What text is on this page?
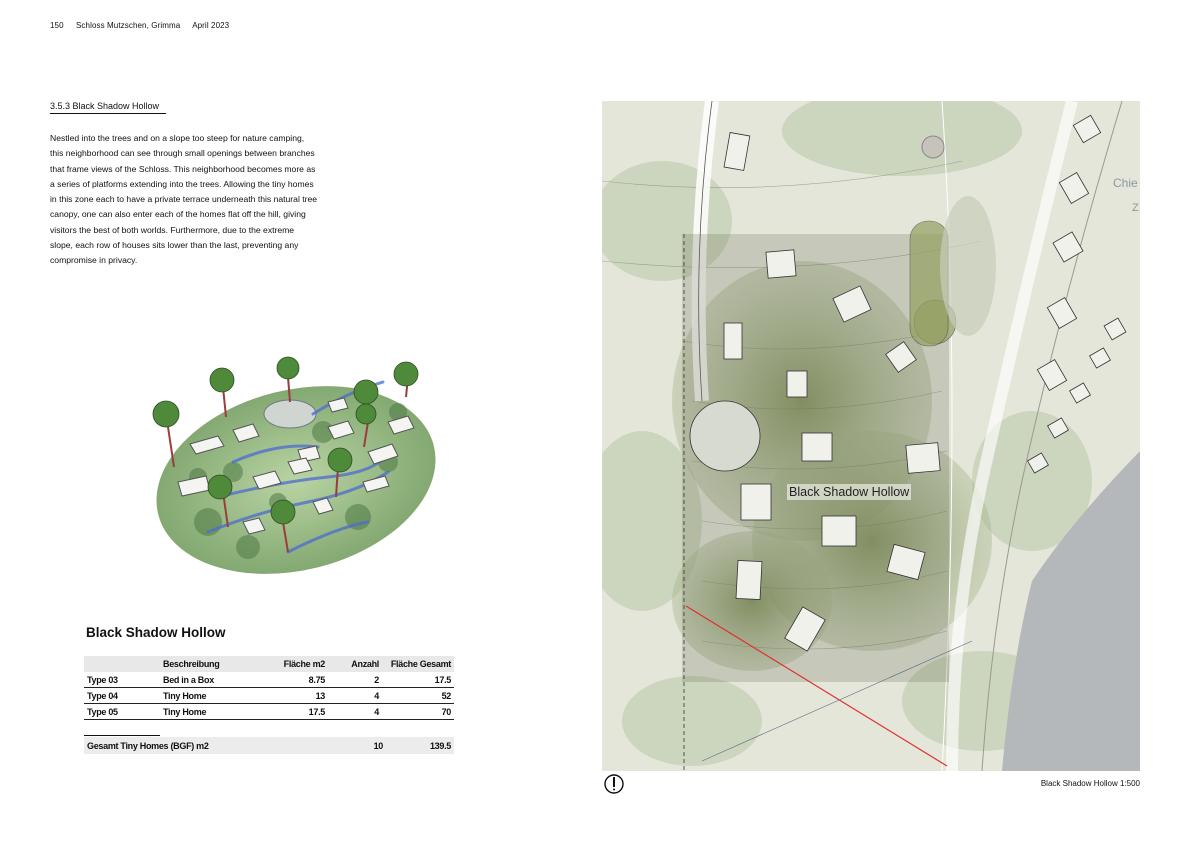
150 Schloss Mutzschen, Grimma April 2023
3.5.3 Black Shadow Hollow
Nestled into the trees and on a slope too steep for nature camping, this neighborhood can see through small openings between branches that frame views of the Schloss. This neighborhood becomes more as a series of platforms extending into the trees. Allowing the tiny homes in this zone each to have a private terrace underneath this natural tree canopy, one can also enter each of the homes flat off the hill, giving visitors the best of both worlds. Furthermore, due to the extreme slope, each row of houses sits lower than the last, preventing any compromise in privacy.
Black Shadow Hollow
	Beschreibung	Fläche m2	Anzahl	Fläche Gesamt
Type 03	Bed in a Box	8.75	2	17.5
Type 04	Tiny Home	13	4	52
Type 05	Tiny Home	17.5	4	70
Gesamt Tiny Homes (BGF) m2			10	139.5
Black Shadow Hollow
Chie
Z
Black Shadow Hollow 1:500
